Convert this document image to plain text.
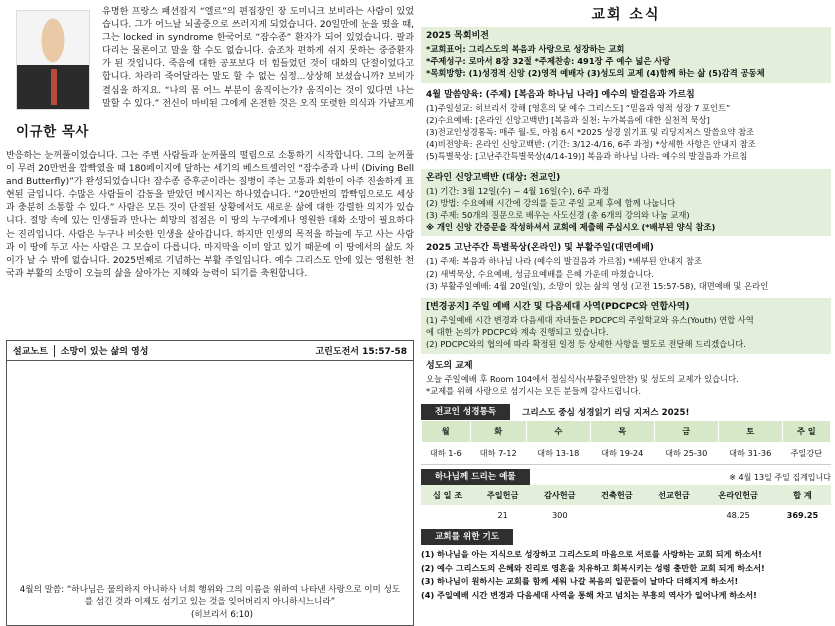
이규한 목사
유명한 프랑스 패션잡지 “엘르”의 편집장인 장 도미니크 보비라는 사람이 있었습니다. 그가 어느날 뇌졸중으로 쓰러지게 되었습니다. 20일만에 눈을 떴을 때, 그는 locked in syndrome 한국어로 “잠수종” 환자가 되어 있었습니다. 팔과 다리는 물론이고 말을 할 수도 없습니다. 숨조차 편하게 쉬지 못하는 중증환자가 된 것입니다. 죽음에 대한 공포보다 더 힘들었던 것이 대화의 단절이었다고 합니다. 차라리 죽어달라는 말도 할 수 없는 심정...상상해 보셨습니까? 보비가 결심을 하지요. “나의 몸 어느 부분이 움직이는가? 움직이는 것이 있다면 나는 말할 수 있다.” 전신이 마비된 그에게 온전한 것은 오직 또렷한 의식과 가냘프게
반응하는 눈꺼풀이었습니다. 그는 주변 사람들과 눈꺼풀의 떨림으로 소통하기 시작합니다. 그의 눈꺼풀이 무려 20만번을 깜빡였을 때 180페이지에 달하는 세기의 베스트셀러인 “잠수종과 나비 (Diving Bell and Butterfly)”가 완성되었습니다! 잠수종 증후군이라는 질병이 주는 고통과 회한이 아주 진솔하게 표현된 글입니다. 수많은 사람들이 감동을 받았던 메시지는 하나였습니다. “20만번의 깜빡임으로도 세상과 충분히 소통할 수 있다.” 사람은 모든 것이 단절된 상황에서도 새로운 삶에 대한 강렬한 의지가 있습니다. 절망 속에 있는 인생들과 만나는 희망의 접점은 이 땅의 누구에게나 영원한 대화 소망이 필요하다는 진리입니다. 사람은 누구나 비슷한 인생을 살아갑니다. 하지만 인생의 목적을 하늘에 두고 사는 사람과 이 땅에 두고 사는 사람은 그 모습이 다릅니다. 마지막을 이미 알고 있기 때문에 이 땅에서의 삶도 차이가 날 수 밖에 없습니다. 2025번째로 기념하는 부활 주일입니다. 예수 그리스도 안에 있는 영원한 천국과 부활의 소망이 오늘의 삶을 살아가는 지혜와 능력이 되기를 축원합니다.
설교노트 소망이 있는 삶의 영성	고린도전서 15:57-58
4월의 말씀: “하나님은 물의하지 아니하사 너희 행위와 그의 이름을 위하여 나타낸 사랑으로 이미 성도를 섬긴 것과 이제도 섬기고 있는 것을 잊어버리지 아니하시느니라”
(히브리서 6:10)
교회 소식
2025 목회비전
*교회표어: 그리스도의 복음과 사랑으로 성장하는 교회
*주제성구: 로마서 8장 32절 *주제찬송: 491장 주 예수 넓은 사랑
*목회방향: (1)성경적 신앙 (2)영적 예배자 (3)성도의 교제 (4)함께 하는 삶 (5)감격 공동체
4월 말씀양육: (주제) [복음과 하나님 나라] 예수의 발걸음과 가르침
(1)주일설교: 히브리서 강해 [영혼의 닻 예수 그리스도] “믿음과 영적 성장 7 포인트”
(2)수요예배: [온라인 신앙고백반] [복음과 실천: 누가복음에 대한 실천적 묵상]
(3)전교인성경통독: 매주 월-토, 아침 6시 *2025 성경 읽기표 및 리딩지저스 말씀요약 참조
(4)비전양육: 온라인 신앙고백반: (기간: 3/12-4/16, 6주 과정) *상세한 사항은 안내지 참조
(5)특별묵상: [고난주간특별묵상(4/14-19)] 복음과 하나님 나라: 예수의 발걸음과 가르침
온라인 신앙고백반 (대상: 전교인)
(1) 기간: 3월 12일(수) ~ 4월 16일(수), 6주 과정
(2) 방법: 수요예배 시간에 강의를 듣고 주일 교제 후에 함께 나눕니다
(3) 주제: 50개의 질문으로 배우는 사도신경 (총 6개의 강의와 나눔 교재)
※ 개인 신앙 간증문을 작성하셔서 교회에 제출해 주십시오 (*배부된 양식 참조)
2025 고난주간 특별묵상(온라인) 및 부활주일(대면예배)
(1) 주제: 복음과 하나님 나라 (예수의 발걸음과 가르침) *배부된 안내지 참조
(2) 새벽묵상, 수요예배, 성금요예배를 은혜 가운데 마쳤습니다.
(3) 부활주일예배: 4월 20일(일), 소망이 있는 삶의 영성 (고전 15:57-58), 대면예배 및 온라인
[변경공지] 주일 예배 시간 및 다음세대 사역(PDCPC와 연합사역)
(1) 주일예배 시간 변경과 다음세대 자녀들은 PDCPC의 주일학교와 유스(Youth) 연합 사역
에 대한 논의가 PDCPC와 계속 진행되고 있습니다.
(2) PDCPC와의 협의에 따라 확정된 일정 등 상세한 사항을 별도로 전달해 드리겠습니다.
성도의 교제
오늘 주일예배 후 Room 104에서 점심식사(부활주일만찬) 및 성도의 교제가 있습니다.
*교제를 위해 사랑으로 섬기시는 모든 분들께 감사드립니다.
전교인 성경통독	그리스도 중심 성경읽기 리딩 지저스 2025!
월	화	수	목	금	토	주 일
대하 1-6	대하 7-12	대하 13-18	대하 19-24	대하 25-30	대하 31-36	주일강단
하나님께 드리는 예물	※ 4월 13일 주일 집계입니다
십 일 조	주일헌금	감사헌금	건축헌금	선교헌금	온라인헌금	합 계
	21	300			48.25	369.25
교회를 위한 기도
(1) 하나님을 아는 지식으로 성장하고 그리스도의 마음으로 서로를 사랑하는 교회 되게 하소서!
(2) 예수 그리스도의 은혜와 진리로 영혼을 치유하고 회복시키는 성령 충만한 교회 되게 하소서!
(3) 하나님이 원하시는 교회를 함께 세워 나갈 복음의 일꾼들이 날마다 더해지게 하소서!
(4) 주일예배 시간 변경과 다음세대 사역을 통해 차고 넘치는 부흥의 역사가 일어나게 하소서!
